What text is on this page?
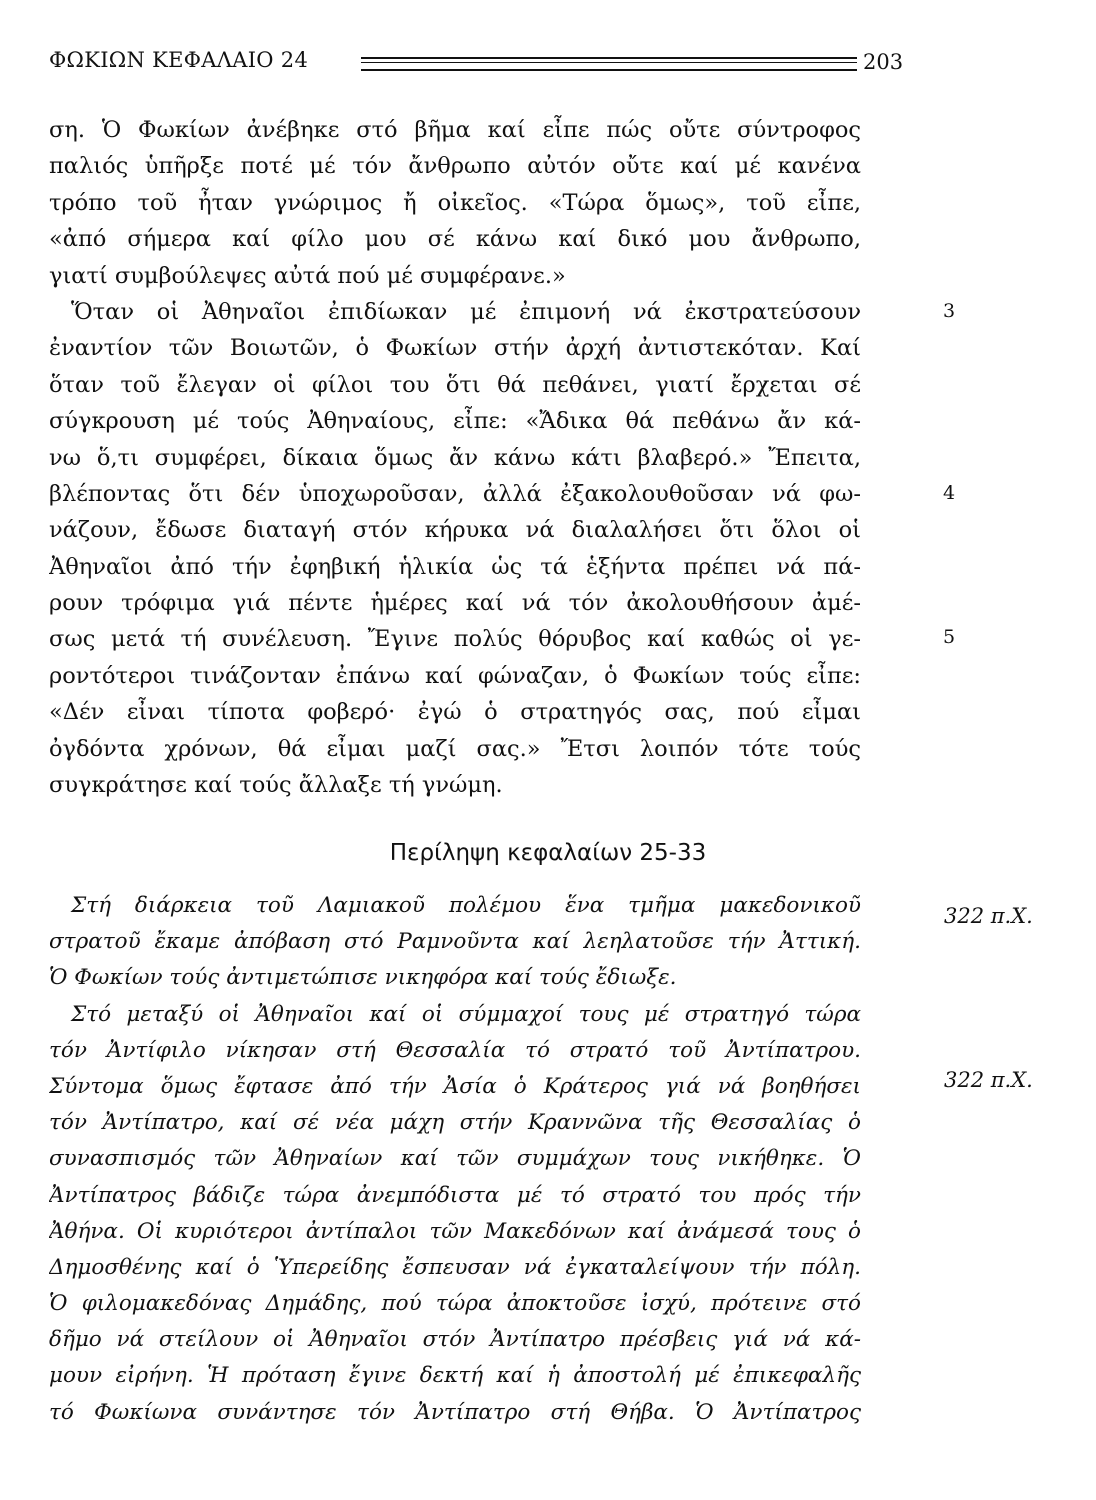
ΦΩΚΙΩΝ ΚΕΦΑΛΑΙΟ 24	203
ση. Ὁ Φωκίων ἀνέβηκε στό βῆμα καί εἶπε πώς οὔτε σύντροφος
παλιός ὑπῆρξε ποτέ μέ τόν ἄνθρωπο αὐτόν οὔτε καί μέ κανένα
τρόπο τοῦ ἦταν γνώριμος ἤ οἰκεῖος. «Τώρα ὅμως», τοῦ εἶπε,
«ἀπό σήμερα καί φίλο μου σέ κάνω καί δικό μου ἄνθρωπο,
γιατί συμβούλεψες αὐτά πού μέ συμφέρανε.»
Ὅταν οἱ Ἀθηναῖοι ἐπιδίωκαν μέ ἐπιμονή νά ἐκστρατεύσουν
ἐναντίον τῶν Βοιωτῶν, ὁ Φωκίων στήν ἀρχή ἀντιστεκόταν. Καί
ὅταν τοῦ ἔλεγαν οἱ φίλοι του ὅτι θά πεθάνει, γιατί ἔρχεται σέ
σύγκρουση μέ τούς Ἀθηναίους, εἶπε: «Ἄδικα θά πεθάνω ἄν κά-
νω ὅ,τι συμφέρει, δίκαια ὅμως ἄν κάνω κάτι βλαβερό.» Ἔπειτα,
βλέποντας ὅτι δέν ὑποχωροῦσαν, ἀλλά ἐξακολουθοῦσαν νά φω-
νάζουν, ἔδωσε διαταγή στόν κήρυκα νά διαλαλήσει ὅτι ὅλοι οἱ
Ἀθηναῖοι ἀπό τήν ἐφηβική ἡλικία ὡς τά ἑξήντα πρέπει νά πά-
ρουν τρόφιμα γιά πέντε ἡμέρες καί νά τόν ἀκολουθήσουν ἀμέ-
σως μετά τή συνέλευση. Ἔγινε πολύς θόρυβος καί καθώς οἱ γε-
ροντότεροι τινάζονταν ἐπάνω καί φώναζαν, ὁ Φωκίων τούς εἶπε:
«Δέν εἶναι τίποτα φοβερό· ἐγώ ὁ στρατηγός σας, πού εἶμαι
ὀγδόντα χρόνων, θά εἶμαι μαζί σας.» Ἔτσι λοιπόν τότε τούς
συγκράτησε καί τούς ἄλλαξε τή γνώμη.
3
4
5
Περίληψη κεφαλαίων 25-33
Στή διάρκεια τοῦ Λαμιακοῦ πολέμου ἕνα τμῆμα μακεδονικοῦ
στρατοῦ ἔκαμε ἀπόβαση στό Ραμνοῦντα καί λεηλατοῦσε τήν Ἀττική.
Ὁ Φωκίων τούς ἀντιμετώπισε νικηφόρα καί τούς ἔδιωξε.
Στό μεταξύ οἱ Ἀθηναῖοι καί οἱ σύμμαχοί τους μέ στρατηγό τώρα
τόν Ἀντίφιλο νίκησαν στή Θεσσαλία τό στρατό τοῦ Ἀντίπατρου.
Σύντομα ὅμως ἔφτασε ἀπό τήν Ἀσία ὁ Κράτερος γιά νά βοηθήσει
τόν Ἀντίπατρο, καί σέ νέα μάχη στήν Κραννῶνα τῆς Θεσσαλίας ὁ
συνασπισμός τῶν Ἀθηναίων καί τῶν συμμάχων τους νικήθηκε. Ὁ
Ἀντίπατρος βάδιζε τώρα ἀνεμπόδιστα μέ τό στρατό του πρός τήν
Ἀθήνα. Οἱ κυριότεροι ἀντίπαλοι τῶν Μακεδόνων καί ἀνάμεσά τους ὁ
Δημοσθένης καί ὁ Ὑπερείδης ἔσπευσαν νά ἐγκαταλείψουν τήν πόλη.
Ὁ φιλομακεδόνας Δημάδης, πού τώρα ἀποκτοῦσε ἰσχύ, πρότεινε στό
δῆμο νά στείλουν οἱ Ἀθηναῖοι στόν Ἀντίπατρο πρέσβεις γιά νά κά-
μουν εἰρήνη. Ἡ πρόταση ἔγινε δεκτή καί ἡ ἀποστολή μέ ἐπικεφαλῆς
τό Φωκίωνα συνάντησε τόν Ἀντίπατρο στή Θήβα. Ὁ Ἀντίπατρος
322 π.Χ.
322 π.Χ.
